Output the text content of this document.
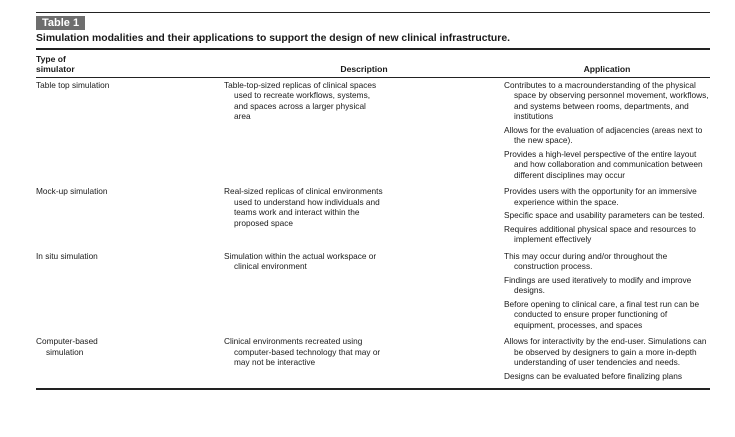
Table 1
Simulation modalities and their applications to support the design of new clinical infrastructure.
Type of
simulator	Description	Application

Table top simulation	Table-top-sized replicas of clinical spaces used to recreate workflows, systems, and spaces across a larger physical area	Contributes to a macrounderstanding of the physical space by observing personnel movement, workflows, and systems between rooms, departments, and institutions
Allows for the evaluation of adjacencies (areas next to the new space).
Provides a high-level perspective of the entire layout and how collaboration and communication between different disciplines may occur

Mock-up simulation	Real-sized replicas of clinical environments used to understand how individuals and teams work and interact within the proposed space	Provides users with the opportunity for an immersive experience within the space.
Specific space and usability parameters can be tested.
Requires additional physical space and resources to implement effectively

In situ simulation	Simulation within the actual workspace or clinical environment	This may occur during and/or throughout the construction process.
Findings are used iteratively to modify and improve designs.
Before opening to clinical care, a final test run can be conducted to ensure proper functioning of equipment, processes, and spaces

Computer-based simulation	Clinical environments recreated using computer-based technology that may or may not be interactive	Allows for interactivity by the end-user. Simulations can be observed by designers to gain a more in-depth understanding of user tendencies and needs.
Designs can be evaluated before finalizing plans
